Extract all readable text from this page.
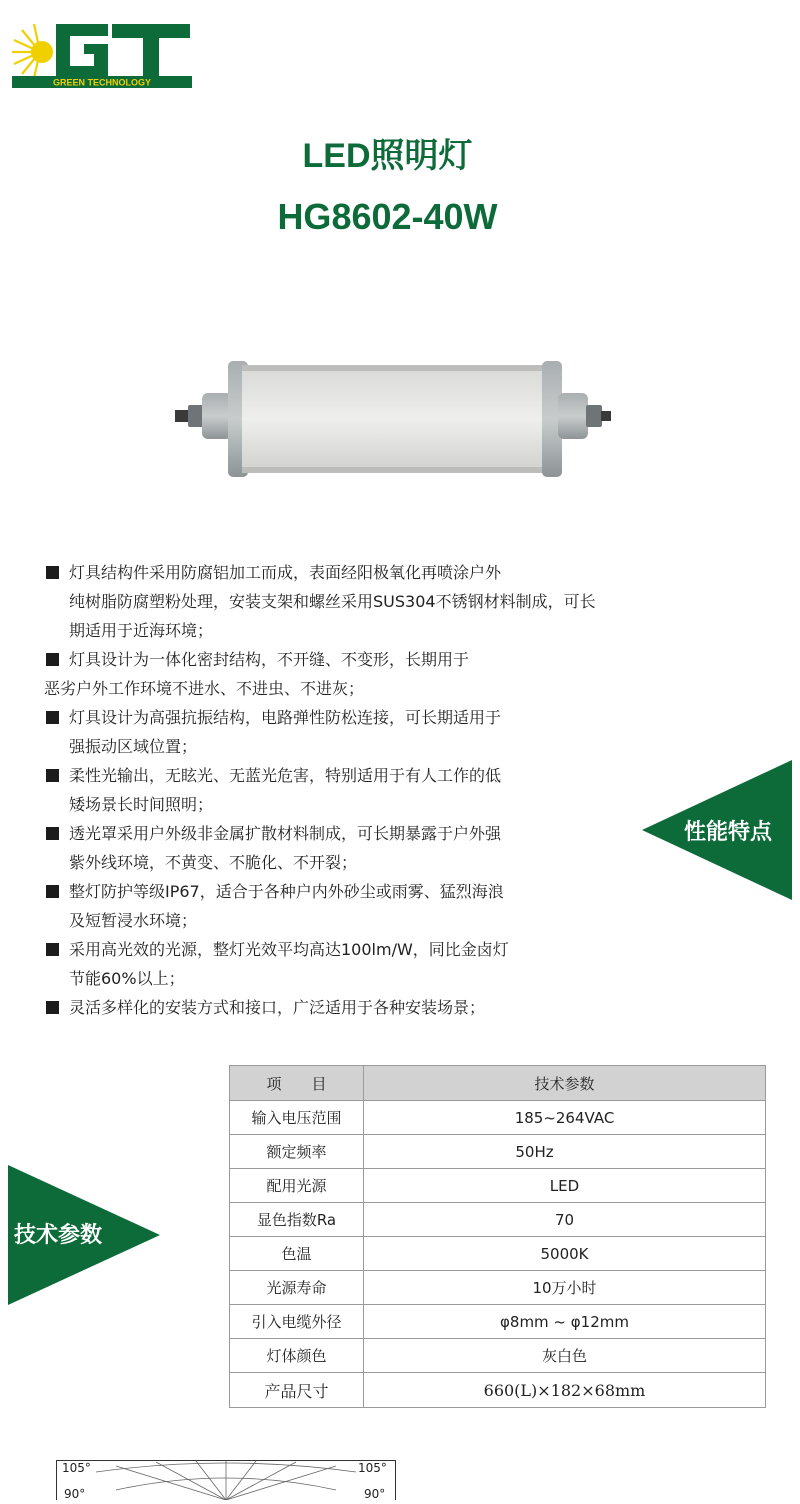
GREEN TECHNOLOGY
LED照明灯
HG8602-40W
灯具结构件采用防腐铝加工而成，表面经阳极氧化再喷涂户外
纯树脂防腐塑粉处理，安装支架和螺丝采用SUS304不锈钢材料制成，可长期适用于近海环境；
灯具设计为一体化密封结构，不开缝、不变形，长期用于
恶劣户外工作环境不进水、不进虫、不进灰；
灯具设计为高强抗振结构，电路弹性防松连接，可长期适用于
强振动区域位置；
柔性光输出，无眩光、无蓝光危害，特别适用于有人工作的低
矮场景长时间照明；
透光罩采用户外级非金属扩散材料制成，可长期暴露于户外强
紫外线环境，不黄变、不脆化、不开裂；
整灯防护等级IP67，适合于各种户内外砂尘或雨雾、猛烈海浪
及短暂浸水环境；
采用高光效的光源，整灯光效平均高达100lm/W，同比金卤灯
节能60%以上；
灵活多样化的安装方式和接口，广泛适用于各种安装场景；
性能特点
技术参数
项　　目	技术参数
输入电压范围	185~264VAC
额定频率	50Hz
配用光源	LED
显色指数Ra	70
色温	5000K
光源寿命	10万小时
引入电缆外径	φ8mm ~ φ12mm
灯体颜色	灰白色
产品尺寸	660(L)×182×68mm
105°
90°
105°
90°
